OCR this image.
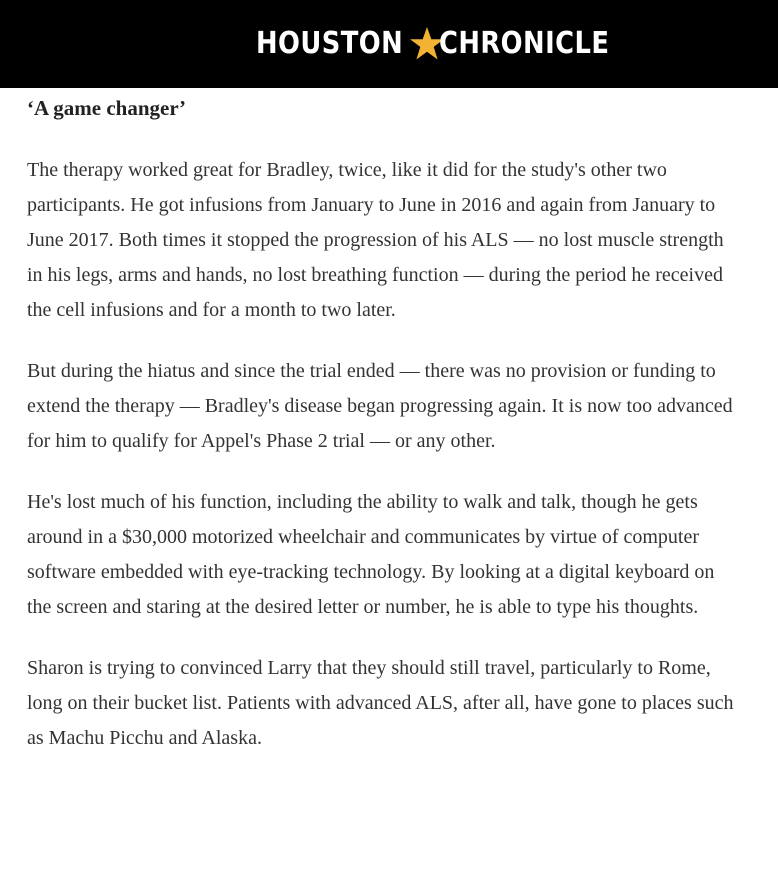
HOUSTON CHRONICLE
‘A game changer’

The therapy worked great for Bradley, twice, like it did for the study's other two participants. He got infusions from January to June in 2016 and again from January to June 2017. Both times it stopped the progression of his ALS — no lost muscle strength in his legs, arms and hands, no lost breathing function — during the period he received the cell infusions and for a month to two later.

But during the hiatus and since the trial ended — there was no provision or funding to extend the therapy — Bradley's disease began progressing again. It is now too advanced for him to qualify for Appel's Phase 2 trial — or any other.

He's lost much of his function, including the ability to walk and talk, though he gets around in a $30,000 motorized wheelchair and communicates by virtue of computer software embedded with eye-tracking technology. By looking at a digital keyboard on the screen and staring at the desired letter or number, he is able to type his thoughts.

Sharon is trying to convinced Larry that they should still travel, particularly to Rome, long on their bucket list. Patients with advanced ALS, after all, have gone to places such as Machu Picchu and Alaska.
